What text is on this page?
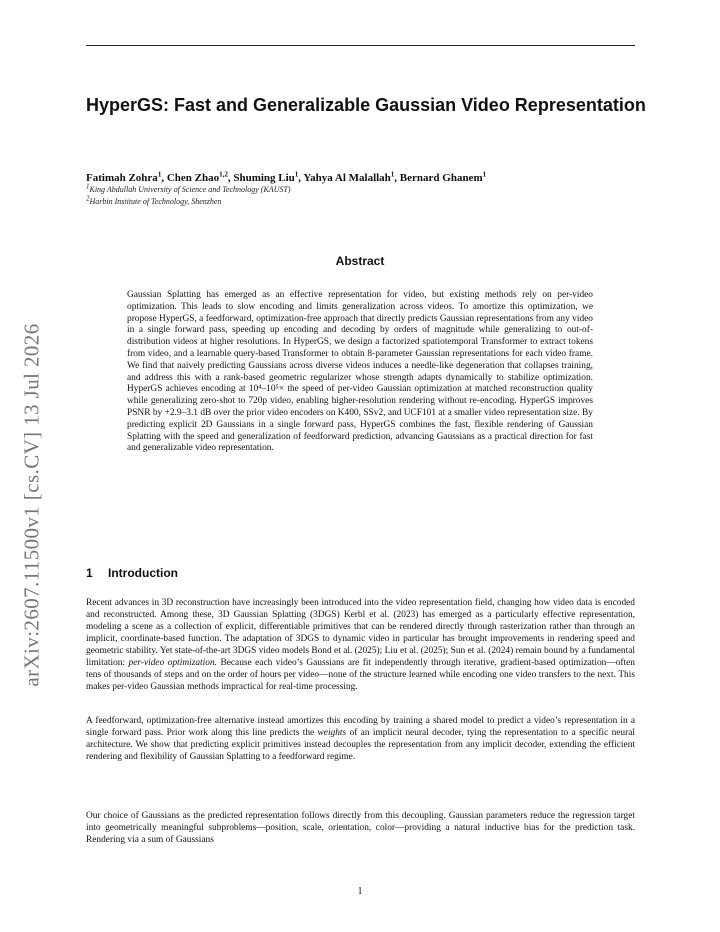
arXiv:2607.11500v1 [cs.CV] 13 Jul 2026
HyperGS: Fast and Generalizable Gaussian Video Representation
Fatimah Zohra$^1$, Chen Zhao$^{1,2}$, Shuming Liu$^1$, Yahya Al Malallah$^1$, Bernard Ghanem$^1$
$^1$King Abdullah University of Science and Technology (KAUST)
$^2$Harbin Institute of Technology, Shenzhen
Abstract

Gaussian Splatting has emerged as an effective representation for video, but existing methods rely on per-video optimization. This leads to slow encoding and limits generalization across videos. To amortize this optimization, we propose HyperGS, a feedforward, optimization-free approach that directly predicts Gaussian representations from any video in a single forward pass, speeding up encoding and decoding by orders of magnitude while generalizing to out-of-distribution videos at higher resolutions. In HyperGS, we design a factorized spatiotemporal Transformer to extract tokens from video, and a learnable query-based Transformer to obtain 8-parameter Gaussian representations for each video frame. We find that naively predicting Gaussians across diverse videos induces a needle-like degeneration that collapses training, and address this with a rank-based geometric regularizer whose strength adapts dynamically to stabilize optimization. HyperGS achieves encoding at 10⁴–10⁵× the speed of per-video Gaussian optimization at matched reconstruction quality while generalizing zero-shot to 720p video, enabling higher-resolution rendering without re-encoding. HyperGS improves PSNR by +2.9–3.1 dB over the prior video encoders on K400, SSv2, and UCF101 at a smaller video representation size. By predicting explicit 2D Gaussians in a single forward pass, HyperGS combines the fast, flexible rendering of Gaussian Splatting with the speed and generalization of feedforward prediction, advancing Gaussians as a practical direction for fast and generalizable video representation.

1 Introduction

Recent advances in 3D reconstruction have increasingly been introduced into the video representation field, changing how video data is encoded and reconstructed. Among these, 3D Gaussian Splatting (3DGS) Kerbl et al. (2023) has emerged as a particularly effective representation, modeling a scene as a collection of explicit, differentiable primitives that can be rendered directly through rasterization rather than through an implicit, coordinate-based function. The adaptation of 3DGS to dynamic video in particular has brought improvements in rendering speed and geometric stability. Yet state-of-the-art 3DGS video models Bond et al. (2025); Liu et al. (2025); Sun et al. (2024) remain bound by a fundamental limitation: per-video optimization. Because each video’s Gaussians are fit independently through iterative, gradient-based optimization—often tens of thousands of steps and on the order of hours per video—none of the structure learned while encoding one video transfers to the next. This makes per-video Gaussian methods impractical for real-time processing.

A feedforward, optimization-free alternative instead amortizes this encoding by training a shared model to predict a video’s representation in a single forward pass. Prior work along this line predicts the weights of an implicit neural decoder, tying the representation to a specific neural architecture. We show that predicting explicit primitives instead decouples the representation from any implicit decoder, extending the efficient rendering and flexibility of Gaussian Splatting to a feedforward regime.

Our choice of Gaussians as the predicted representation follows directly from this decoupling. Gaussian parameters reduce the regression target into geometrically meaningful subproblems—position, scale, orientation, color—providing a natural inductive bias for the prediction task. Rendering via a sum of Gaussians

1
